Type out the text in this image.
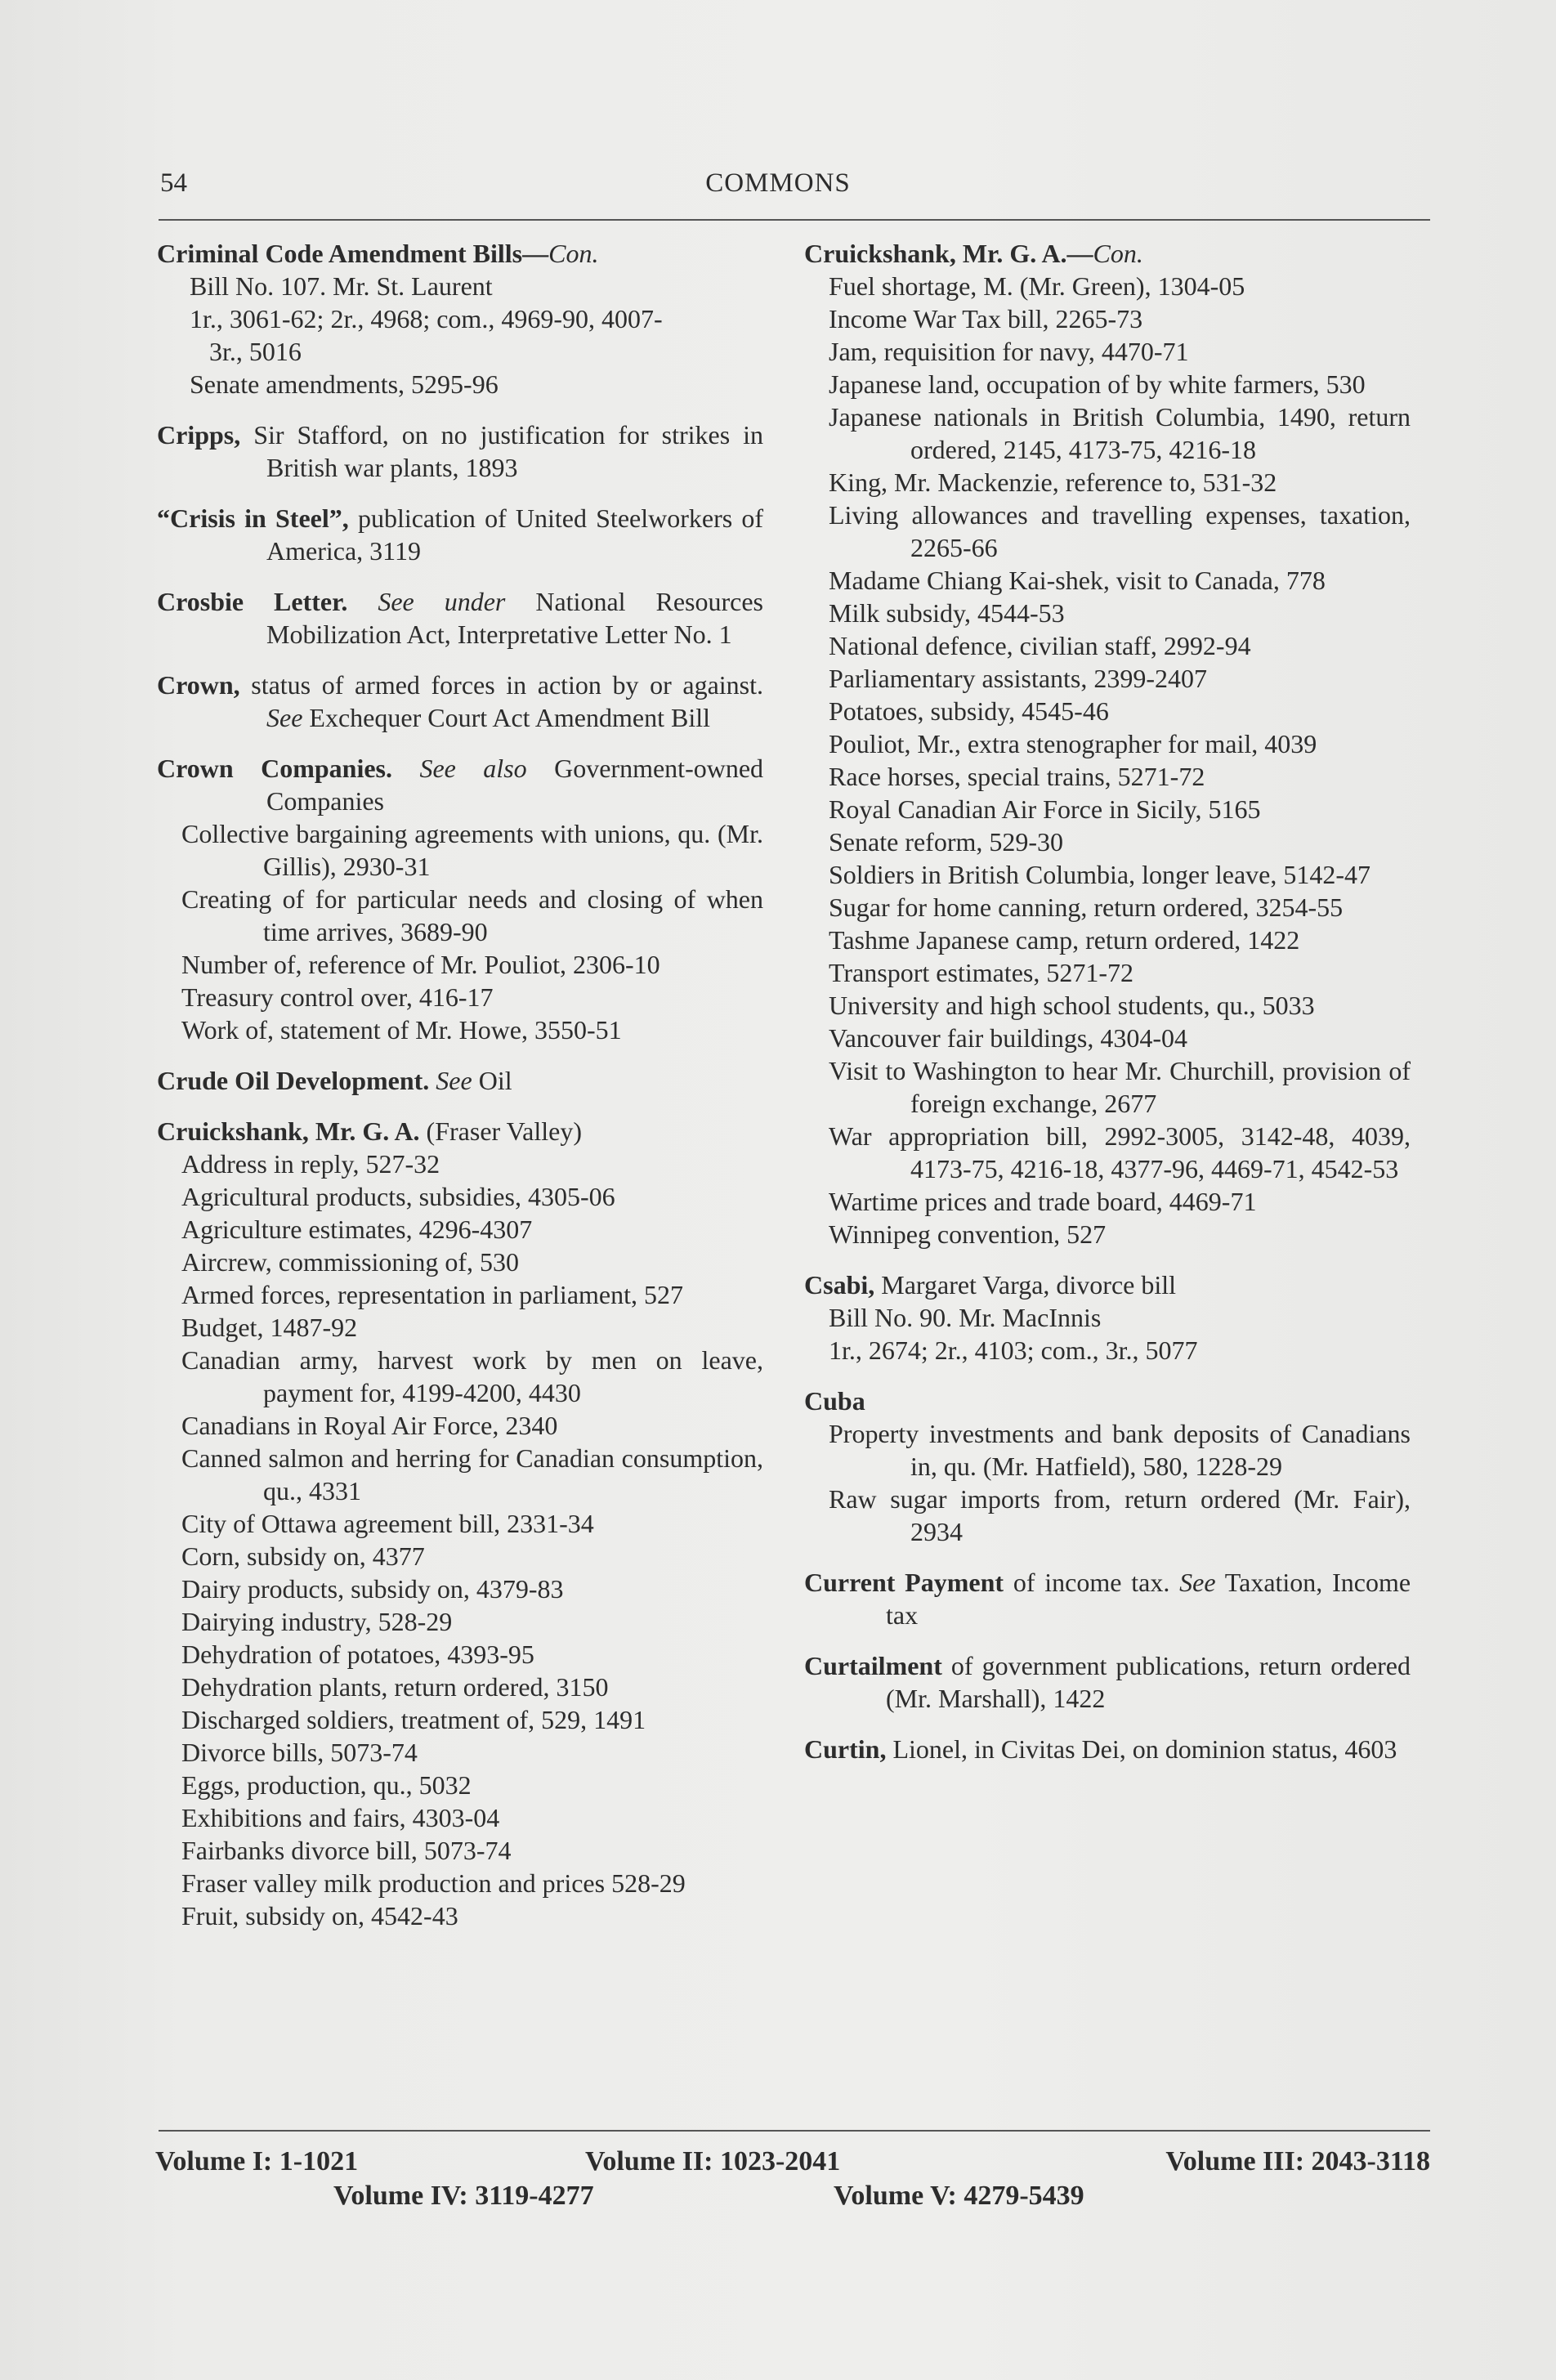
54	COMMONS
Criminal Code Amendment Bills—Con.
Bill No. 107. Mr. St. Laurent
1r., 3061-62; 2r., 4968; com., 4969-90, 4007-
3r., 5016
Senate amendments, 5295-96
Cripps, Sir Stafford, on no justification for strikes in British war plants, 1893
“Crisis in Steel”, publication of United Steelworkers of America, 3119
Crosbie Letter. See under National Resources Mobilization Act, Interpretative Letter No. 1
Crown, status of armed forces in action by or against. See Exchequer Court Act Amendment Bill
Crown Companies. See also Government-owned Companies
Collective bargaining agreements with unions, qu. (Mr. Gillis), 2930-31
Creating of for particular needs and closing of when time arrives, 3689-90
Number of, reference of Mr. Pouliot, 2306-10
Treasury control over, 416-17
Work of, statement of Mr. Howe, 3550-51
Crude Oil Development. See Oil
Cruickshank, Mr. G. A. (Fraser Valley)
Address in reply, 527-32
Agricultural products, subsidies, 4305-06
Agriculture estimates, 4296-4307
Aircrew, commissioning of, 530
Armed forces, representation in parliament, 527
Budget, 1487-92
Canadian army, harvest work by men on leave, payment for, 4199-4200, 4430
Canadians in Royal Air Force, 2340
Canned salmon and herring for Canadian consumption, qu., 4331
City of Ottawa agreement bill, 2331-34
Corn, subsidy on, 4377
Dairy products, subsidy on, 4379-83
Dairying industry, 528-29
Dehydration of potatoes, 4393-95
Dehydration plants, return ordered, 3150
Discharged soldiers, treatment of, 529, 1491
Divorce bills, 5073-74
Eggs, production, qu., 5032
Exhibitions and fairs, 4303-04
Fairbanks divorce bill, 5073-74
Fraser valley milk production and prices 528-29
Fruit, subsidy on, 4542-43
Cruickshank, Mr. G. A.—Con.
Fuel shortage, M. (Mr. Green), 1304-05
Income War Tax bill, 2265-73
Jam, requisition for navy, 4470-71
Japanese land, occupation of by white farmers, 530
Japanese nationals in British Columbia, 1490, return ordered, 2145, 4173-75, 4216-18
King, Mr. Mackenzie, reference to, 531-32
Living allowances and travelling expenses, taxation, 2265-66
Madame Chiang Kai-shek, visit to Canada, 778
Milk subsidy, 4544-53
National defence, civilian staff, 2992-94
Parliamentary assistants, 2399-2407
Potatoes, subsidy, 4545-46
Pouliot, Mr., extra stenographer for mail, 4039
Race horses, special trains, 5271-72
Royal Canadian Air Force in Sicily, 5165
Senate reform, 529-30
Soldiers in British Columbia, longer leave, 5142-47
Sugar for home canning, return ordered, 3254-55
Tashme Japanese camp, return ordered, 1422
Transport estimates, 5271-72
University and high school students, qu., 5033
Vancouver fair buildings, 4304-04
Visit to Washington to hear Mr. Churchill, provision of foreign exchange, 2677
War appropriation bill, 2992-3005, 3142-48, 4039, 4173-75, 4216-18, 4377-96, 4469-71, 4542-53
Wartime prices and trade board, 4469-71
Winnipeg convention, 527
Csabi, Margaret Varga, divorce bill
Bill No. 90. Mr. MacInnis
1r., 2674; 2r., 4103; com., 3r., 5077
Cuba
Property investments and bank deposits of Canadians in, qu. (Mr. Hatfield), 580, 1228-29
Raw sugar imports from, return ordered (Mr. Fair), 2934
Current Payment of income tax. See Taxation, Income tax
Curtailment of government publications, return ordered (Mr. Marshall), 1422
Curtin, Lionel, in Civitas Dei, on dominion status, 4603
Volume I: 1-1021	Volume II: 1023-2041	Volume III: 2043-3118
Volume IV: 3119-4277	Volume V: 4279-5439
